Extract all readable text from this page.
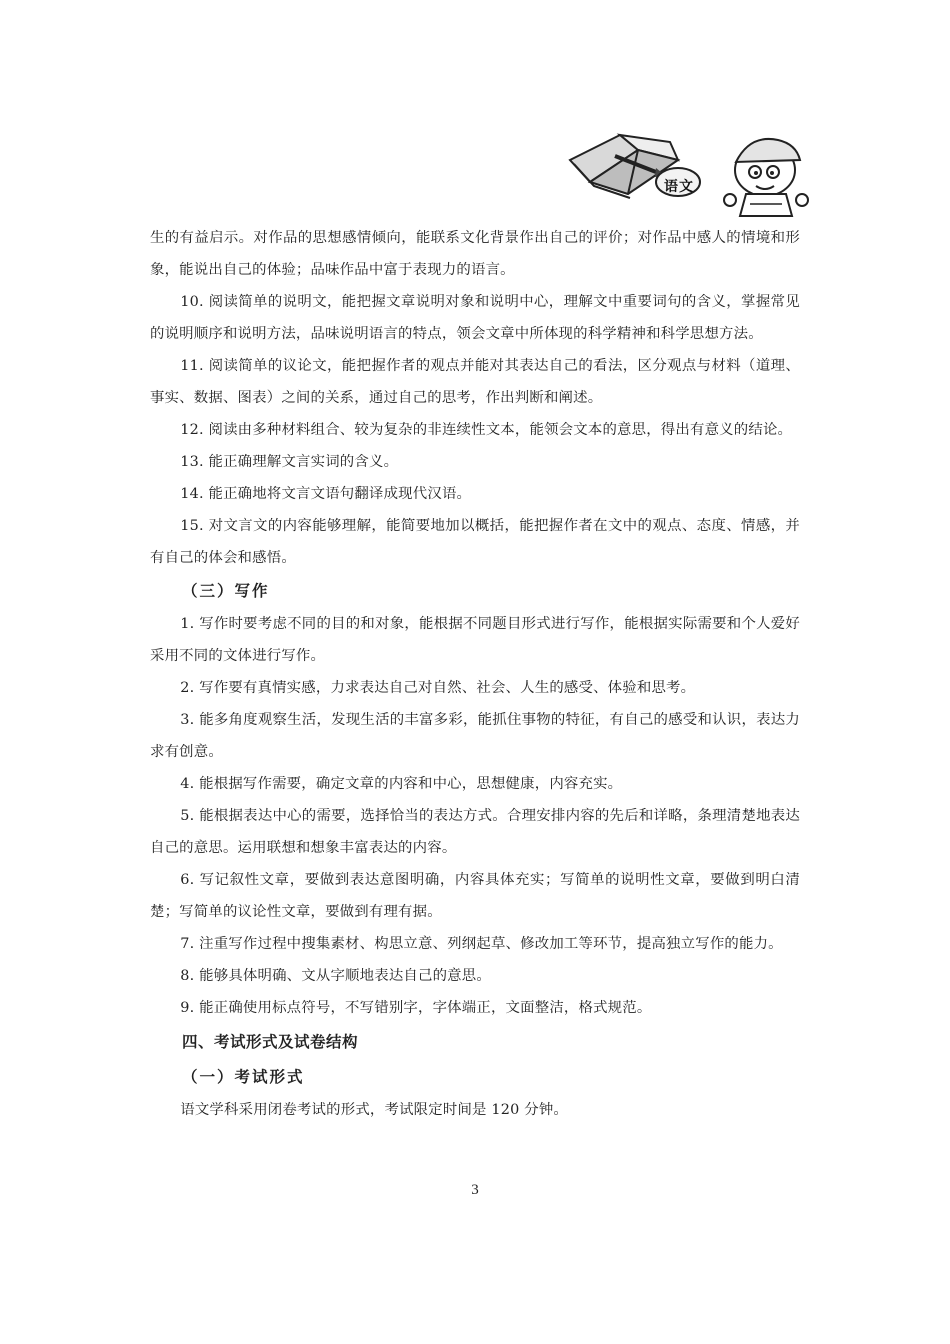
语文

生的有益启示。对作品的思想感情倾向，能联系文化背景作出自己的评价；对作品中感人的情境和形象，能说出自己的体验；品味作品中富于表现力的语言。

10. 阅读简单的说明文，能把握文章说明对象和说明中心，理解文中重要词句的含义，掌握常见的说明顺序和说明方法，品味说明语言的特点，领会文章中所体现的科学精神和科学思想方法。

11. 阅读简单的议论文，能把握作者的观点并能对其表达自己的看法，区分观点与材料（道理、事实、数据、图表）之间的关系，通过自己的思考，作出判断和阐述。

12. 阅读由多种材料组合、较为复杂的非连续性文本，能领会文本的意思，得出有意义的结论。

13. 能正确理解文言实词的含义。

14. 能正确地将文言文语句翻译成现代汉语。

15. 对文言文的内容能够理解，能简要地加以概括，能把握作者在文中的观点、态度、情感，并有自己的体会和感悟。

（三）写作

1. 写作时要考虑不同的目的和对象，能根据不同题目形式进行写作，能根据实际需要和个人爱好采用不同的文体进行写作。

2. 写作要有真情实感，力求表达自己对自然、社会、人生的感受、体验和思考。

3. 能多角度观察生活，发现生活的丰富多彩，能抓住事物的特征，有自己的感受和认识，表达力求有创意。

4. 能根据写作需要，确定文章的内容和中心，思想健康，内容充实。

5. 能根据表达中心的需要，选择恰当的表达方式。合理安排内容的先后和详略，条理清楚地表达自己的意思。运用联想和想象丰富表达的内容。

6. 写记叙性文章，要做到表达意图明确，内容具体充实；写简单的说明性文章，要做到明白清楚；写简单的议论性文章，要做到有理有据。

7. 注重写作过程中搜集素材、构思立意、列纲起草、修改加工等环节，提高独立写作的能力。

8. 能够具体明确、文从字顺地表达自己的意思。

9. 能正确使用标点符号，不写错别字，字体端正，文面整洁，格式规范。

四、考试形式及试卷结构

（一）考试形式

语文学科采用闭卷考试的形式，考试限定时间是 120 分钟。

3
